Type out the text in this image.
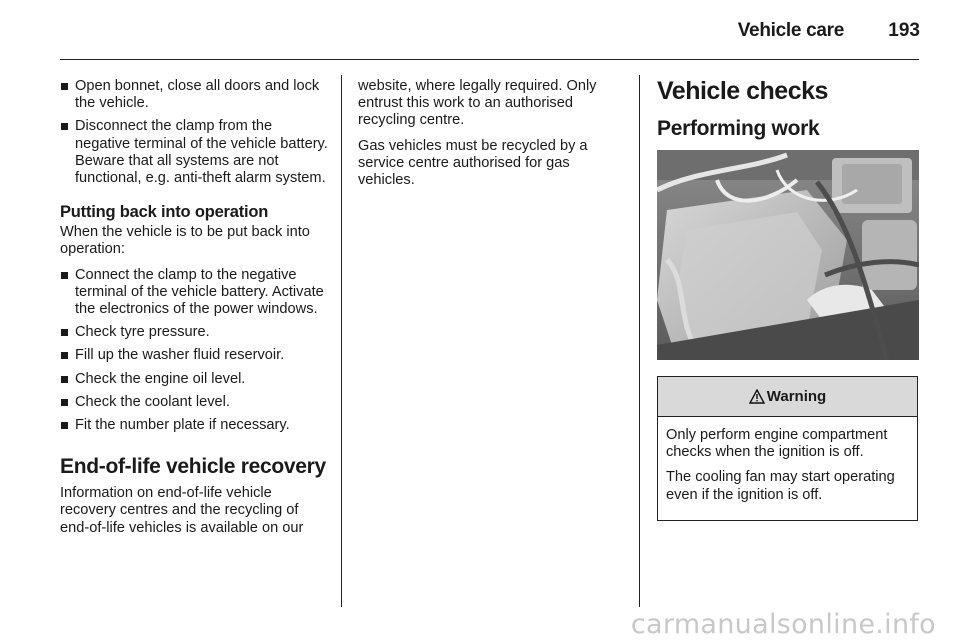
Vehicle care 193
Open bonnet, close all doors and lock the vehicle.
Disconnect the clamp from the negative terminal of the vehicle battery. Beware that all systems are not functional, e.g. anti-theft alarm system.
Putting back into operation

When the vehicle is to be put back into operation:

Connect the clamp to the negative terminal of the vehicle battery. Activate the electronics of the power windows.
Check tyre pressure.
Fill up the washer fluid reservoir.
Check the engine oil level.
Check the coolant level.
Fit the number plate if necessary.
End-of-life vehicle recovery

Information on end-of-life vehicle recovery centres and the recycling of end-of-life vehicles is available on our

website, where legally required. Only entrust this work to an authorised recycling centre.

Gas vehicles must be recycled by a service centre authorised for gas vehicles.

Vehicle checks
Performing work
Warning

Only perform engine compartment checks when the ignition is off.

The cooling fan may start operating even if the ignition is off.

carmanualsonline.info
